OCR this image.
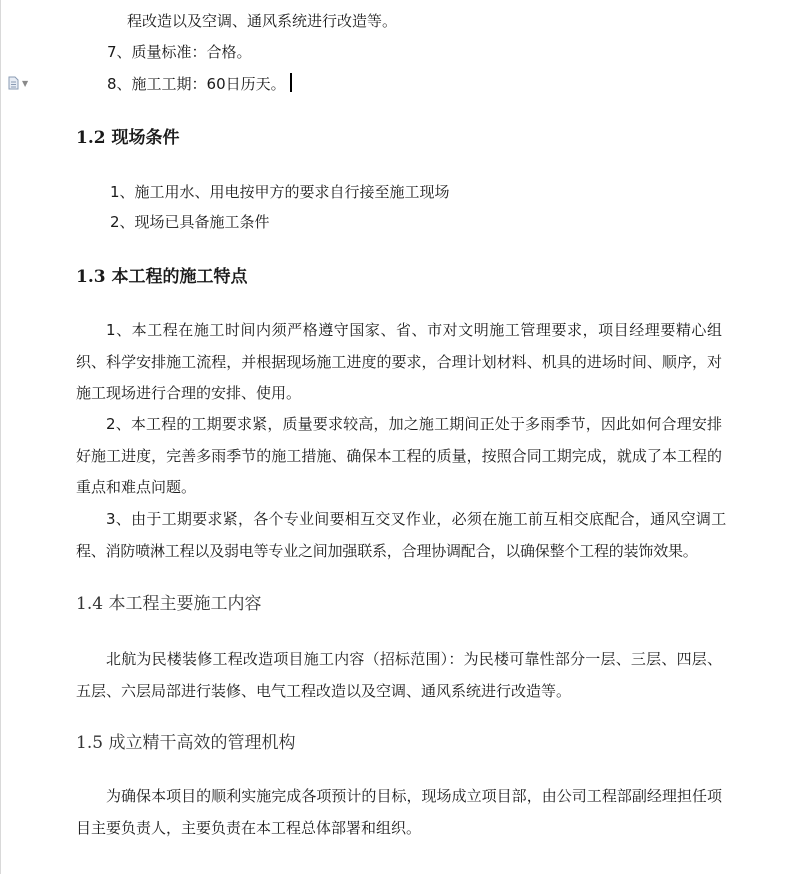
▼
程改造以及空调、通风系统进行改造等。
7、质量标准：合格。
8、施工工期：60日历天。
1.2 现场条件
1、施工用水、用电按甲方的要求自行接至施工现场
2、现场已具备施工条件
1.3 本工程的施工特点
1、本工程在施工时间内须严格遵守国家、省、市对文明施工管理要求，项目经理要精心组织、科学安排施工流程，并根据现场施工进度的要求，合理计划材料、机具的进场时间、顺序，对施工现场进行合理的安排、使用。
2、本工程的工期要求紧，质量要求较高，加之施工期间正处于多雨季节，因此如何合理安排好施工进度，完善多雨季节的施工措施、确保本工程的质量，按照合同工期完成，就成了本工程的重点和难点问题。
3、由于工期要求紧，各个专业间要相互交叉作业，必须在施工前互相交底配合，通风空调工程、消防喷淋工程以及弱电等专业之间加强联系，合理协调配合，以确保整个工程的装饰效果。
1.4 本工程主要施工内容
北航为民楼装修工程改造项目施工内容（招标范围）：为民楼可靠性部分一层、三层、四层、五层、六层局部进行装修、电气工程改造以及空调、通风系统进行改造等。
1.5 成立精干高效的管理机构
为确保本项目的顺利实施完成各项预计的目标，现场成立项目部，由公司工程部副经理担任项目主要负责人，主要负责在本工程总体部署和组织。
